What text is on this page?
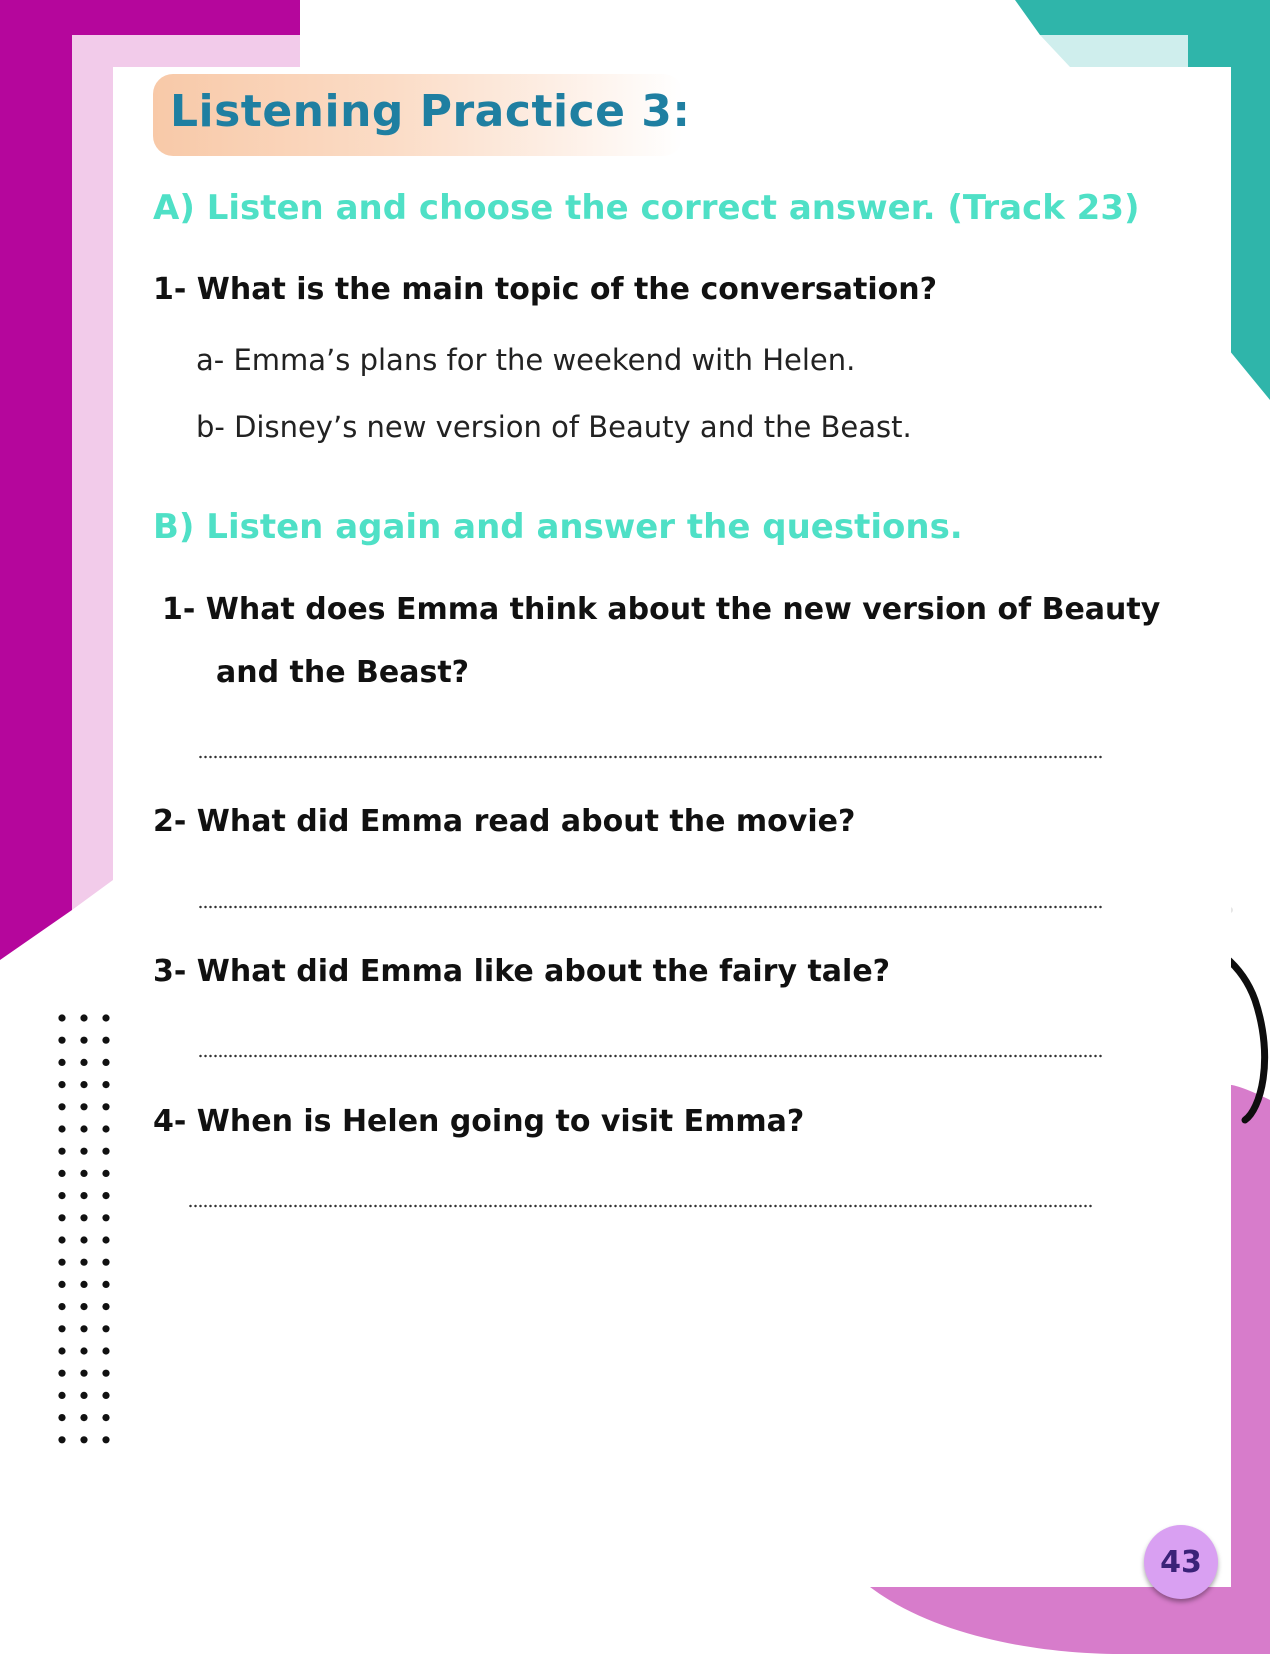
Listening Practice 3:
A) Listen and choose the correct answer. (Track 23)

1- What is the main topic of the conversation?

a- Emma’s plans for the weekend with Helen.

b- Disney’s new version of Beauty and the Beast.

B) Listen again and answer the questions.

1- What does Emma think about the new version of Beauty

and the Beast?

2- What did Emma read about the movie?

3- What did Emma like about the fairy tale?

4- When is Helen going to visit Emma?

43
